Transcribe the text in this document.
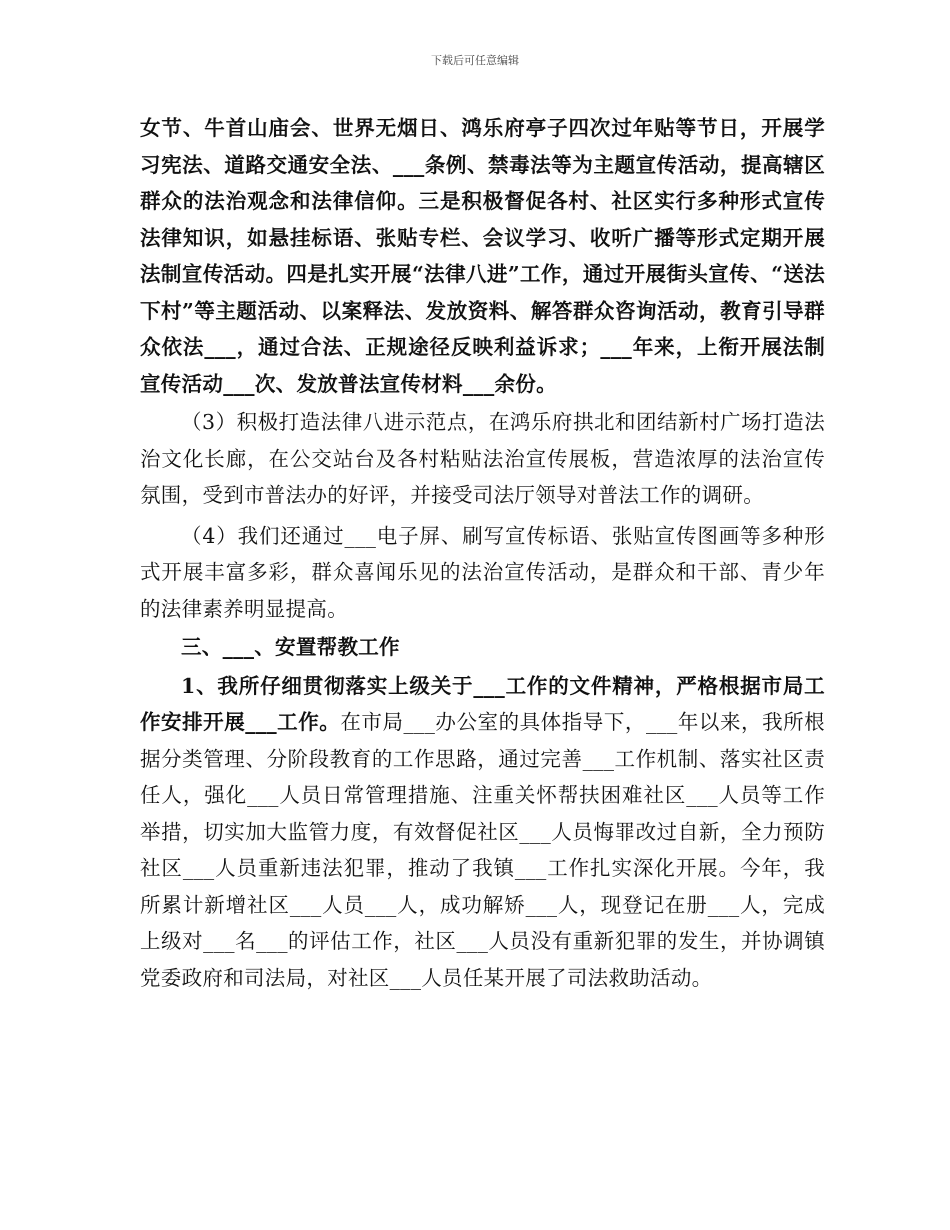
下载后可任意编辑

女节、牛首山庙会、世界无烟日、鸿乐府亭子四次过年贴等节日，开展学习宪法、道路交通安全法、___条例、禁毒法等为主题宣传活动，提高辖区群众的法治观念和法律信仰。三是积极督促各村、社区实行多种形式宣传法律知识，如悬挂标语、张贴专栏、会议学习、收听广播等形式定期开展法制宣传活动。四是扎实开展“法律八进”工作，通过开展街头宣传、“送法下村”等主题活动、以案释法、发放资料、解答群众咨询活动，教育引导群众依法___，通过合法、正规途径反映利益诉求；___年来，上衔开展法制宣传活动___次、发放普法宣传材料___余份。

（3）积极打造法律八进示范点，在鸿乐府拱北和团结新村广场打造法治文化长廊，在公交站台及各村粘贴法治宣传展板，营造浓厚的法治宣传氛围，受到市普法办的好评，并接受司法厅领导对普法工作的调研。

（4）我们还通过___电子屏、刷写宣传标语、张贴宣传图画等多种形式开展丰富多彩，群众喜闻乐见的法治宣传活动，是群众和干部、青少年的法律素养明显提高。

三、___、安置帮教工作

1、我所仔细贯彻落实上级关于___工作的文件精神，严格根据市局工作安排开展___工作。在市局___办公室的具体指导下，___年以来，我所根据分类管理、分阶段教育的工作思路，通过完善___工作机制、落实社区责任人，强化___人员日常管理措施、注重关怀帮扶困难社区___人员等工作举措，切实加大监管力度，有效督促社区___人员悔罪改过自新，全力预防社区___人员重新违法犯罪，推动了我镇___工作扎实深化开展。今年，我所累计新增社区___人员___人，成功解矫___人，现登记在册___人，完成上级对___名___的评估工作，社区___人员没有重新犯罪的发生，并协调镇党委政府和司法局，对社区___人员任某开展了司法救助活动。
